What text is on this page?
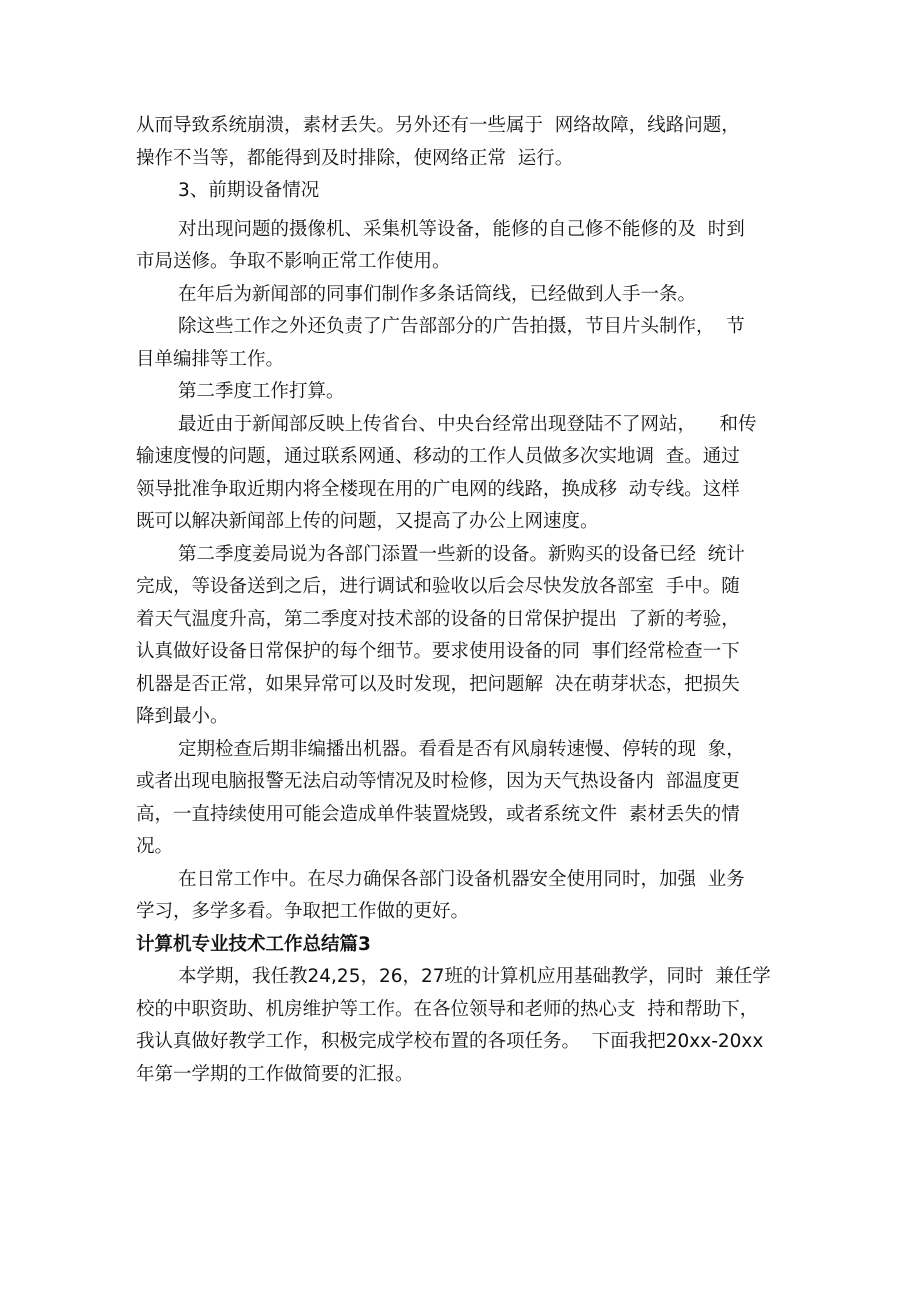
从而导致系统崩溃，素材丢失。另外还有一些属于  网络故障，线路问题，
操作不当等，都能得到及时排除，使网络正常  运行。
3、前期设备情况
对出现问题的摄像机、采集机等设备，能修的自己修不能修的及  时到
市局送修。争取不影响正常工作使用。
在年后为新闻部的同事们制作多条话筒线，已经做到人手一条。
除这些工作之外还负责了广告部部分的广告拍摄，节目片头制作，  节
目单编排等工作。
第二季度工作打算。
最近由于新闻部反映上传省台、中央台经常出现登陆不了网站，    和传
输速度慢的问题，通过联系网通、移动的工作人员做多次实地调  查。通过
领导批准争取近期内将全楼现在用的广电网的线路，换成移  动专线。这样
既可以解决新闻部上传的问题，又提高了办公上网速度。
第二季度姜局说为各部门添置一些新的设备。新购买的设备已经  统计
完成，等设备送到之后，进行调试和验收以后会尽快发放各部室  手中。随
着天气温度升高，第二季度对技术部的设备的日常保护提出  了新的考验，
认真做好设备日常保护的每个细节。要求使用设备的同  事们经常检查一下
机器是否正常，如果异常可以及时发现，把问题解  决在萌芽状态，把损失
降到最小。
定期检查后期非编播出机器。看看是否有风扇转速慢、停转的现  象，
或者出现电脑报警无法启动等情况及时检修，因为天气热设备内  部温度更
高，一直持续使用可能会造成单件装置烧毁，或者系统文件  素材丢失的情
况。
在日常工作中。在尽力确保各部门设备机器安全使用同时，加强  业务
学习，多学多看。争取把工作做的更好。
计算机专业技术工作总结篇3
本学期，我任教24,25，26，27班的计算机应用基础教学，同时  兼任学
校的中职资助、机房维护等工作。在各位领导和老师的热心支  持和帮助下，
我认真做好教学工作，积极完成学校布置的各项任务。  下面我把20xx-20xx
年第一学期的工作做简要的汇报。
